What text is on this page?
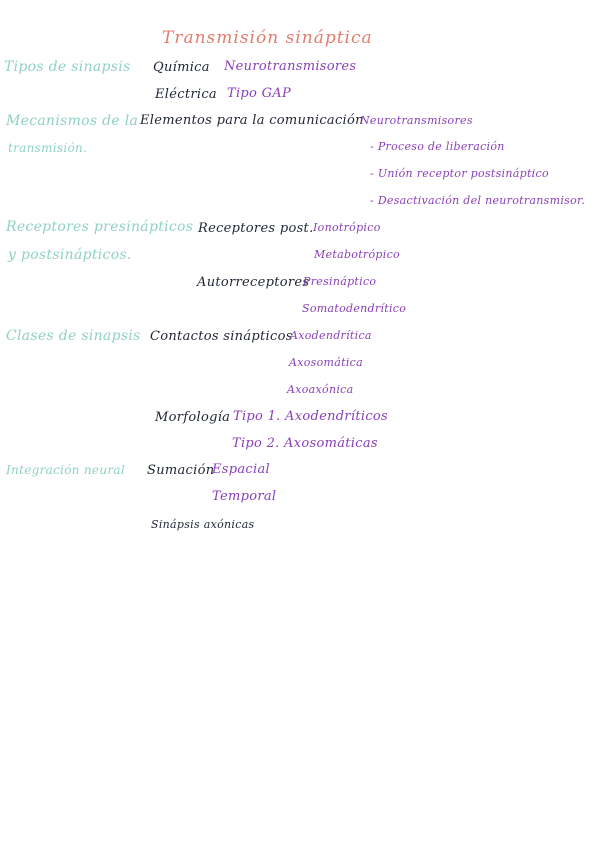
Transmisión sináptica
Tipos de sinapsis Química Neurotransmisores
Eléctrica Tipo GAP
Mecanismos de la
transmisión.
Elementos para la comunicación
Neurotransmisores
- Proceso de liberación
- Unión receptor postsináptico
- Desactivación del neurotransmisor.
Receptores presinápticos
y postsinápticos.
Receptores post. Ionotrópico
Metabotrópico
Autorreceptores
Presináptico
Somatodendrítico
Clases de sinapsis Contactos sinápticos
Axodendrítica
Axosomática
Axoaxónica
Morfología Tipo 1. Axodendríticos
Tipo 2. Axosomáticas
Integración neural Sumación
Espacial
Temporal
Sinápsis axónicas
